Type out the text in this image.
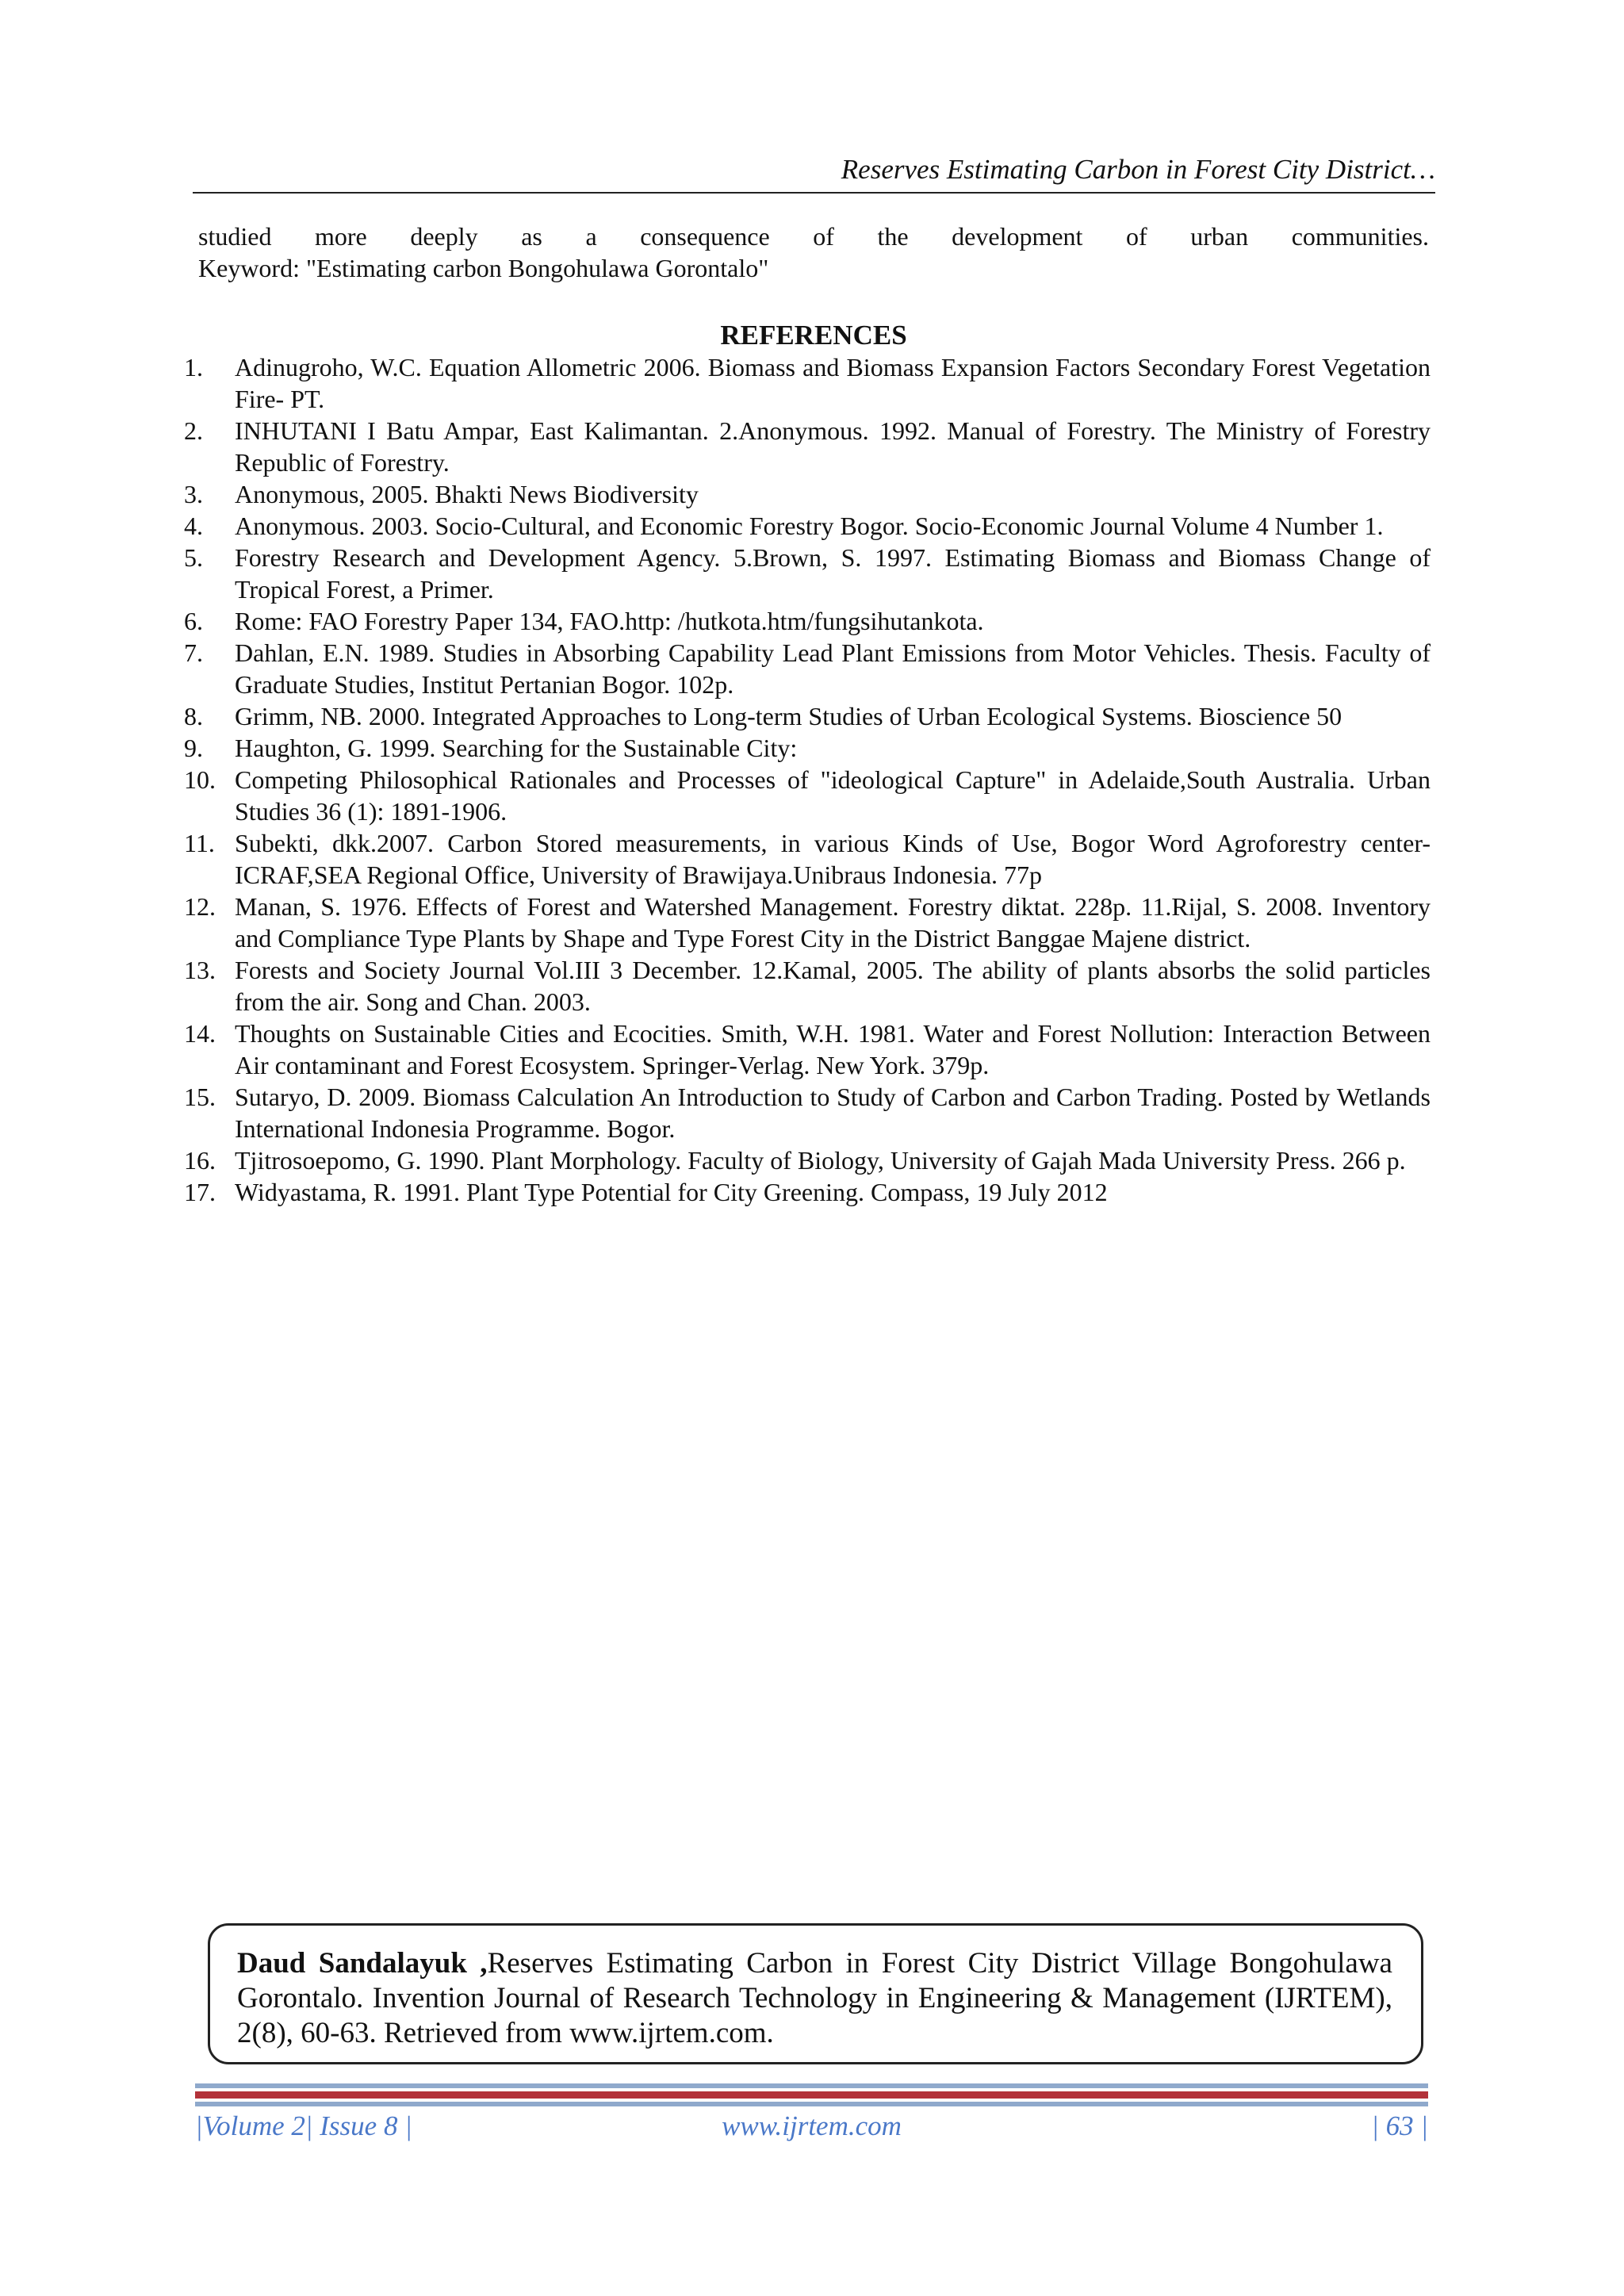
Reserves Estimating Carbon in Forest City District…
studied more deeply as a consequence of the development of urban communities.
Keyword: "Estimating carbon Bongohulawa Gorontalo"
REFERENCES
1.	Adinugroho, W.C. Equation Allometric 2006. Biomass and Biomass Expansion Factors Secondary Forest Vegetation Fire- PT.
2.	INHUTANI I Batu Ampar, East Kalimantan. 2.Anonymous. 1992. Manual of Forestry. The Ministry of Forestry Republic of Forestry.
3.	Anonymous, 2005. Bhakti News Biodiversity
4.	Anonymous. 2003. Socio-Cultural, and Economic Forestry Bogor. Socio-Economic Journal Volume 4 Number 1.
5.	Forestry Research and Development Agency. 5.Brown, S. 1997. Estimating Biomass and Biomass Change of Tropical Forest, a Primer.
6.	Rome: FAO Forestry Paper 134, FAO.http: /hutkota.htm/fungsihutankota.
7.	Dahlan, E.N. 1989. Studies in Absorbing Capability Lead Plant Emissions from Motor Vehicles. Thesis. Faculty of Graduate Studies, Institut Pertanian Bogor. 102p.
8.	Grimm, NB. 2000. Integrated Approaches to Long-term Studies of Urban Ecological Systems. Bioscience 50
9.	Haughton, G. 1999. Searching for the Sustainable City:
10. Competing Philosophical Rationales and Processes of "ideological Capture" in Adelaide,South Australia. Urban Studies 36 (1): 1891-1906.
11. Subekti, dkk.2007. Carbon Stored measurements, in various Kinds of Use, Bogor Word Agroforestry center-ICRAF,SEA Regional Office, University of Brawijaya.Unibraus Indonesia. 77p
12. Manan, S. 1976. Effects of Forest and Watershed Management. Forestry diktat. 228p. 11.Rijal, S. 2008. Inventory and Compliance Type Plants by Shape and Type Forest City in the District Banggae Majene district.
13. Forests and Society Journal Vol.III 3 December. 12.Kamal, 2005. The ability of plants absorbs the solid particles from the air. Song and Chan. 2003.
14. Thoughts on Sustainable Cities and Ecocities. Smith, W.H. 1981. Water and Forest Nollution: Interaction Between Air contaminant and Forest Ecosystem. Springer-Verlag. New York. 379p.
15. Sutaryo, D. 2009. Biomass Calculation An Introduction to Study of Carbon and Carbon Trading. Posted by Wetlands International Indonesia Programme. Bogor.
16. Tjitrosoepomo, G. 1990. Plant Morphology. Faculty of Biology, University of Gajah Mada University Press. 266 p.
17. Widyastama, R. 1991. Plant Type Potential for City Greening. Compass, 19 July 2012
Daud Sandalayuk ,Reserves Estimating Carbon in Forest City District Village Bongohulawa Gorontalo. Invention Journal of Research Technology in Engineering & Management (IJRTEM), 2(8), 60-63. Retrieved from www.ijrtem.com.
|Volume 2| Issue 8 |	www.ijrtem.com	| 63 |
